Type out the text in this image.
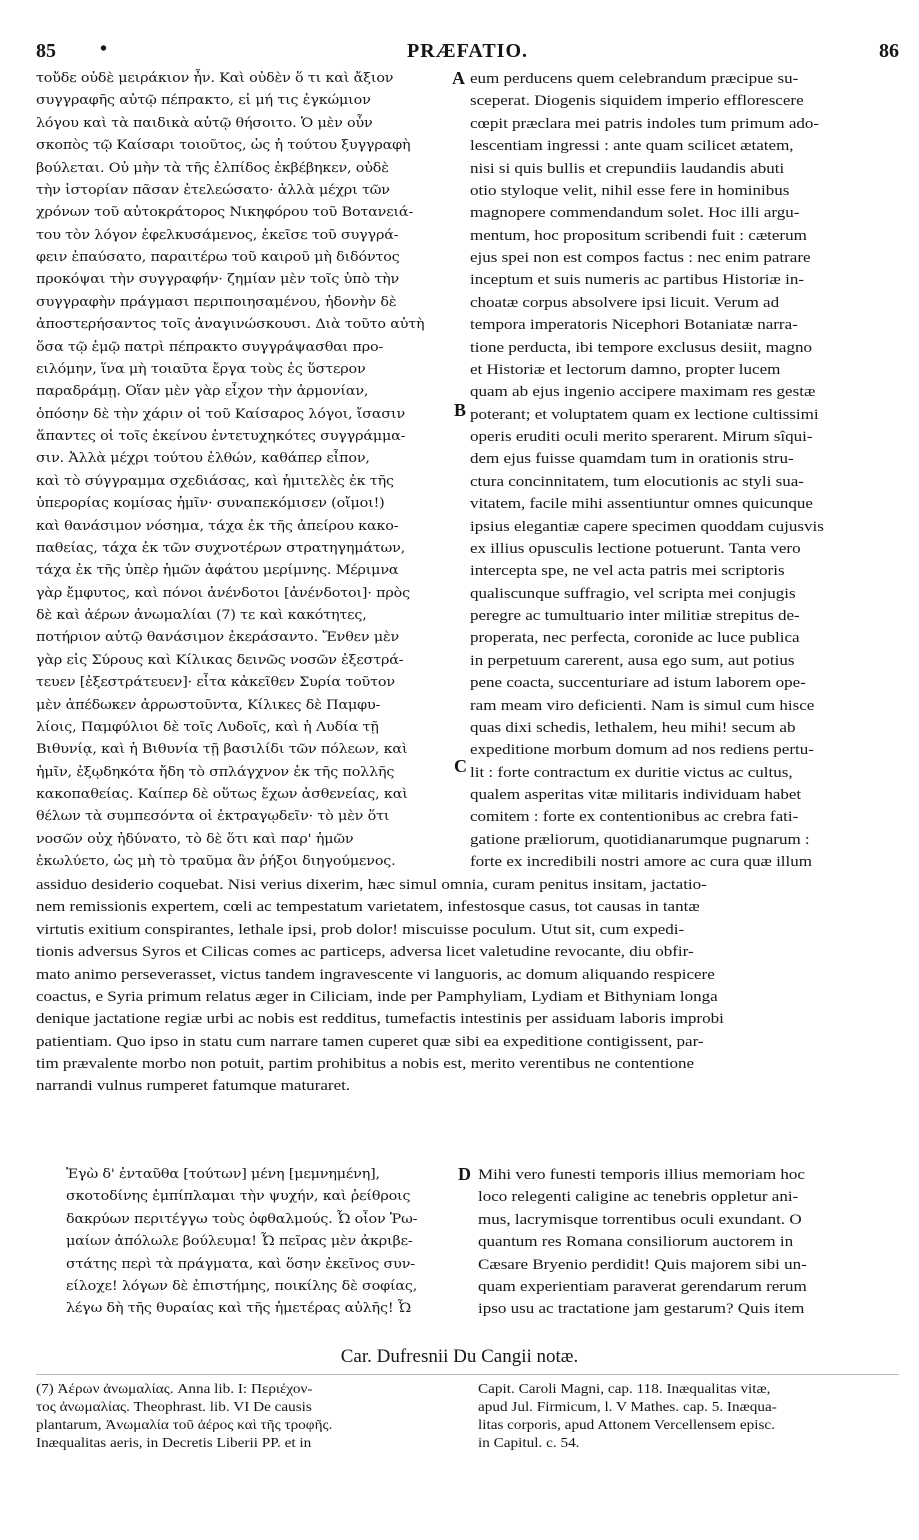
85 •	PRÆFATIO.	86
τοὔδε οὐδὲ μειράκιον ἦν. Καὶ οὐδὲν ὅ τι καὶ ἄξιον
συγγραφῆς αὐτῷ πέπρακτο, εἰ μή τις ἐγκώμιον
λόγου καὶ τὰ παιδικὰ αὐτῷ θήσοιτο. Ὁ μὲν οὖν
σκοπὸς τῷ Καίσαρι τοιοῦτος, ὡς ἡ τούτου ξυγγραφὴ
βούλεται. Οὐ μὴν τὰ τῆς ἐλπίδος ἐκβέβηκεν, οὐδὲ
τὴν ἱστορίαν πᾶσαν ἐτελεώσατο· ἀλλὰ μέχρι τῶν
χρόνων τοῦ αὐτοκράτορος Νικηφόρου τοῦ Βοτανειά-
του τὸν λόγον ἐφελκυσάμενος, ἐκεῖσε τοῦ συγγρά-
φειν ἐπαύσατο, παραιτέρω τοῦ καιροῦ μὴ διδόντος
προκόψαι τὴν συγγραφήν· ζημίαν μὲν τοῖς ὑπὸ τὴν
συγγραφὴν πράγμασι περιποιησαμένου, ἡδονὴν δὲ
ἀποστερήσαντος τοῖς ἀναγινώσκουσι. Διὰ τοῦτο αὐτὴ
ὅσα τῷ ἐμῷ πατρὶ πέπρακτο συγγράψασθαι προ-
ειλόμην, ἵνα μὴ τοιαῦτα ἔργα τοὺς ἐς ὕστερον
παραδράμῃ. Οἵαν μὲν γὰρ εἶχον τὴν ἁρμονίαν,
ὁπόσην δὲ τὴν χάριν οἱ τοῦ Καίσαρος λόγοι, ἴσασιν
ἅπαντες οἱ τοῖς ἐκείνου ἐντετυχηκότες συγγράμμα-
σιν. Ἀλλὰ μέχρι τούτου ἐλθών, καθάπερ εἶπον,
καὶ τὸ σύγγραμμα σχεδιάσας, καὶ ἡμιτελὲς ἐκ τῆς
ὑπερορίας κομίσας ἡμῖν· συναπεκόμισεν (οἴμοι!)
καὶ θανάσιμον νόσημα, τάχα ἐκ τῆς ἀπείρου κακο-
παθείας, τάχα ἐκ τῶν συχνοτέρων στρατηγημάτων,
τάχα ἐκ τῆς ὑπὲρ ἡμῶν ἀφάτου μερίμνης. Μέριμνα
γὰρ ἔμφυτος, καὶ πόνοι ἀνένδοτοι [ἀνένδοτοι]· πρὸς
δὲ καὶ ἀέρων ἀνωμαλίαι (7) τε καὶ κακότητες,
ποτήριον αὐτῷ θανάσιμον ἐκεράσαντο. Ἔνθεν μὲν
γὰρ εἰς Σύρους καὶ Κίλικας δεινῶς νοσῶν ἐξεστρά-
τευεν [ἐξεστράτευεν]· εἶτα κἀκεῖθεν Συρία τοῦτον
μὲν ἀπέδωκεν ἀρρωστοῦντα, Κίλικες δὲ Παμφυ-
λίοις, Παμφύλιοι δὲ τοῖς Λυδοῖς, καὶ ἡ Λυδία τῇ
Βιθυνίᾳ, καὶ ἡ Βιθυνία τῇ βασιλίδι τῶν πόλεων, καὶ
ἡμῖν, ἐξῳδηκότα ἤδη τὸ σπλάγχνον ἐκ τῆς πολλῆς
κακοπαθείας. Καίπερ δὲ οὕτως ἔχων ἀσθενείας, καὶ
θέλων τὰ συμπεσόντα οἱ ἐκτραγῳδεῖν· τὸ μὲν ὅτι
νοσῶν οὐχ ἠδύνατο, τὸ δὲ ὅτι καὶ παρ' ἡμῶν
ἐκωλύετο, ὡς μὴ τὸ τραῦμα ἂν ῥήξοι διηγούμενος.
eum perducens quem celebrandum præcipue su-
sceperat. Diogenis siquidem imperio efflorescere
cœpit præclara mei patris indoles tum primum ado-
lescentiam ingressi : ante quam scilicet ætatem,
nisi si quis bullis et crepundiis laudandis abuti
otio styloque velit, nihil esse fere in hominibus
magnopere commendandum solet. Hoc illi argu-
mentum, hoc propositum scribendi fuit : cæterum
ejus spei non est compos factus : nec enim patrare
inceptum et suis numeris ac partibus Historiæ in-
choatæ corpus absolvere ipsi licuit. Verum ad
tempora imperatoris Nicephori Botaniatæ narra-
tione perducta, ibi tempore exclusus desiit, magno
et Historiæ et lectorum damno, propter lucem
quam ab ejus ingenio accipere maximam res gestæ
poterant; et voluptatem quam ex lectione cultissimi
operis eruditi oculi merito sperarent. Mirum sîqui-
dem ejus fuisse quamdam tum in orationis stru-
ctura concinnitatem, tum elocutionis ac styli sua-
vitatem, facile mihi assentiuntur omnes quicunque
ipsius elegantiæ capere specimen quoddam cujusvis
ex illius opusculis lectione potuerunt. Tanta vero
intercepta spe, ne vel acta patris mei scriptoris
qualiscunque suffragio, vel scripta mei conjugis
peregre ac tumultuario inter militiæ strepitus de-
properata, nec perfecta, coronide ac luce publica
in perpetuum carerent, ausa ego sum, aut potius
pene coacta, succenturiare ad istum laborem ope-
ram meam viro deficienti. Nam is simul cum hisce
quas dixi schedis, lethalem, heu mihi! secum ab
expeditione morbum domum ad nos rediens pertu-
lit : forte contractum ex duritie victus ac cultus,
qualem asperitas vitæ militaris individuam habet
comitem : forte ex contentionibus ac crebra fati-
gatione præliorum, quotidianarumque pugnarum :
forte ex incredibili nostri amore ac cura quæ illum
assiduo desiderio coquebat. Nisi verius dixerim, hæc simul omnia, curam penitus insitam, jactatio-
nem remissionis expertem, cœli ac tempestatum varietatem, infestosque casus, tot causas in tantæ
virtutis exitium conspirantes, lethale ipsi, prob dolor! miscuisse poculum. Utut sit, cum expedi-
tionis adversus Syros et Cilicas comes ac particeps, adversa licet valetudine revocante, diu obfir-
mato animo perseverasset, victus tandem ingravescente vi languoris, ac domum aliquando respicere
coactus, e Syria primum relatus æger in Ciliciam, inde per Pamphyliam, Lydiam et Bithyniam longa
denique jactatione regiæ urbi ac nobis est redditus, tumefactis intestinis per assiduam laboris improbi
patientiam. Quo ipso in statu cum narrare tamen cuperet quæ sibi ea expeditione contigissent, par-
tim prævalente morbo non potuit, partim prohibitus a nobis est, merito verentibus ne contentione
narrandi vulnus rumperet fatumque maturaret.
Ἐγὼ δ' ἐνταῦθα [τούτων] μένη [μεμνημένη],
σκοτοδίνης ἐμπίπλαμαι τὴν ψυχήν, καὶ ῥείθροις
δακρύων περιτέγγω τοὺς ὀφθαλμούς. Ὦ οἷον Ῥω-
μαίων ἀπόλωλε βούλευμα! Ὦ πεῖρας μὲν ἀκριβε-
στάτης περὶ τὰ πράγματα, καὶ ὅσην ἐκεῖνος συν-
είλοχε! λόγων δὲ ἐπιστήμης, ποικίλης δὲ σοφίας,
λέγω δὴ τῆς θυραίας καὶ τῆς ἡμετέρας αὐλῆς! Ὦ
Mihi vero funesti temporis illius memoriam hoc
loco relegenti caligine ac tenebris oppletur ani-
mus, lacrymisque torrentibus oculi exundant. O
quantum res Romana consiliorum auctorem in
Cæsare Bryenio perdidit! Quis majorem sibi un-
quam experientiam paraverat gerendarum rerum
ipso usu ac tractatione jam gestarum? Quis item
A
B
C
D
Car. Dufresnii Du Cangii notæ.
(7) Ἀέρων ἀνωμαλίας. Anna lib. I: Περιέχον-
τος ἀνωμαλίας. Theophrast. lib. VI De causis
plantarum, Ἀνωμαλία τοῦ ἀέρος καὶ τῆς τροφῆς.
Inæqualitas aeris, in Decretis Liberii PP. et in
Capit. Caroli Magni, cap. 118. Inæqualitas vitæ,
apud Jul. Firmicum, l. V Mathes. cap. 5. Inæqua-
litas corporis, apud Attonem Vercellensem episc.
in Capitul. c. 54.
